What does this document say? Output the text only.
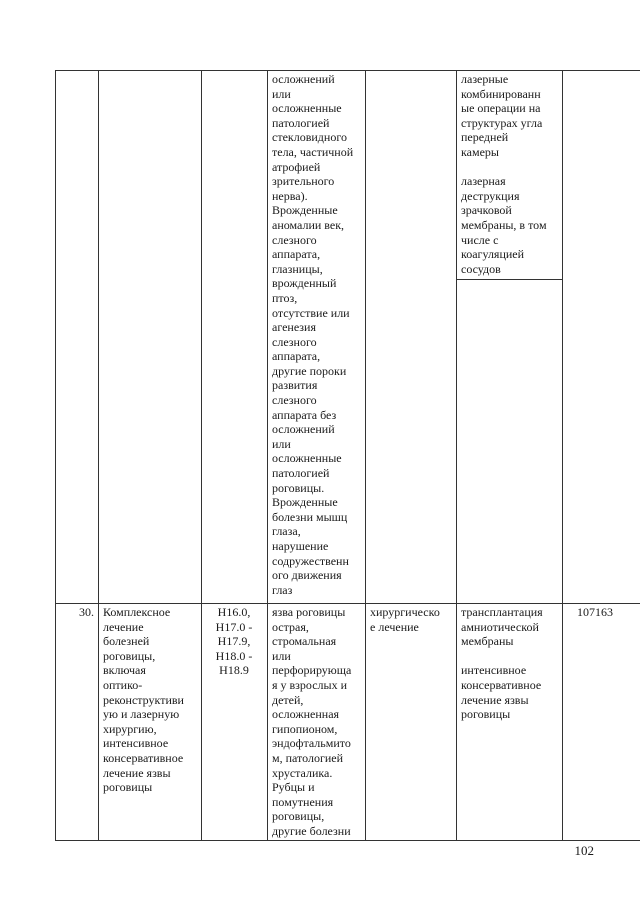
осложнений
или
осложненные
патологией
стекловидного
тела, частичной
атрофией
зрительного
нерва).
Врожденные
аномалии век,
слезного
аппарата,
глазницы,
врожденный
птоз,
отсутствие или
агенезия
слезного
аппарата,
другие пороки
развития
слезного
аппарата без
осложнений
или
осложненные
патологией
роговицы.
Врожденные
болезни мышц
глаза,
нарушение
содружественн
ого движения
глаз
лазерные
комбинированн
ые операции на
структурах угла
передней
камеры

лазерная
деструкция
зрачковой
мембраны, в том
числе с
коагуляцией
сосудов
30. Комплексное
лечение
болезней
роговицы,
включая
оптико-
реконструктиви
ую и лазерную
хирургию,
интенсивное
консервативное
лечение язвы
роговицы
H16.0,
H17.0 -
H17.9,
H18.0 -
H18.9
язва роговицы
острая,
стромальная
или
перфорирующа
я у взрослых и
детей,
осложненная
гипопионом,
эндофтальмито
м, патологией
хрусталика.
Рубцы и
помутнения
роговицы,
другие болезни
хирургическо
е лечение
трансплантация
амниотической
мембраны

интенсивное
консервативное
лечение язвы
роговицы
107163
102
